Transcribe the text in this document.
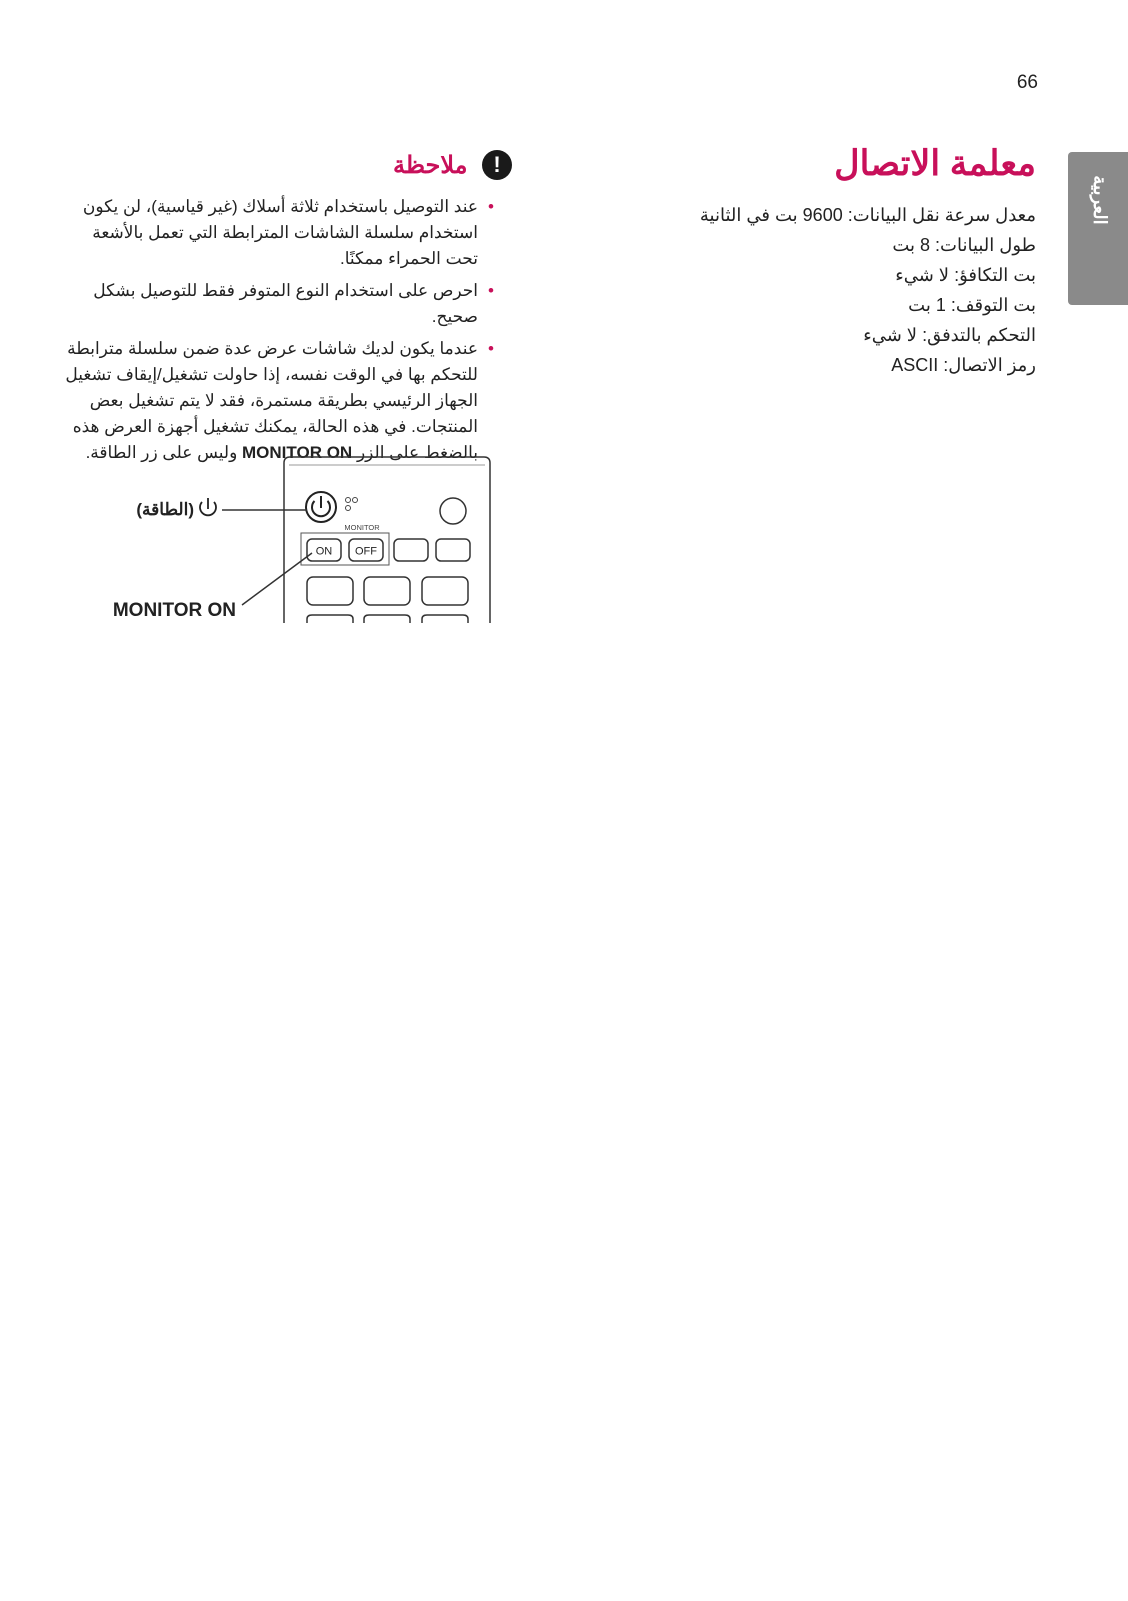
66
العربية
معلمة الاتصال
معدل سرعة نقل البيانات: 9600 بت في الثانية
طول البيانات: 8 بت
بت التكافؤ: لا شيء
بت التوقف: 1 بت
التحكم بالتدفق: لا شيء
رمز الاتصال: ASCII
! ملاحظة
•
عند التوصيل باستخدام ثلاثة أسلاك (غير قياسية)، لن يكون استخدام سلسلة الشاشات المترابطة التي تعمل بالأشعة تحت الحمراء ممكنًا.
•
احرص على استخدام النوع المتوفر فقط للتوصيل بشكل صحيح.
•
عندما يكون لديك شاشات عرض عدة ضمن سلسلة مترابطة للتحكم بها في الوقت نفسه، إذا حاولت تشغيل/إيقاف تشغيل الجهاز الرئيسي بطريقة مستمرة، فقد لا يتم تشغيل بعض المنتجات. في هذه الحالة، يمكنك تشغيل أجهزة العرض هذه بالضغط على الزر MONITOR ON وليس على زر الطاقة.
MONITOR
ON OFF
(الطاقة)
MONITOR ON
